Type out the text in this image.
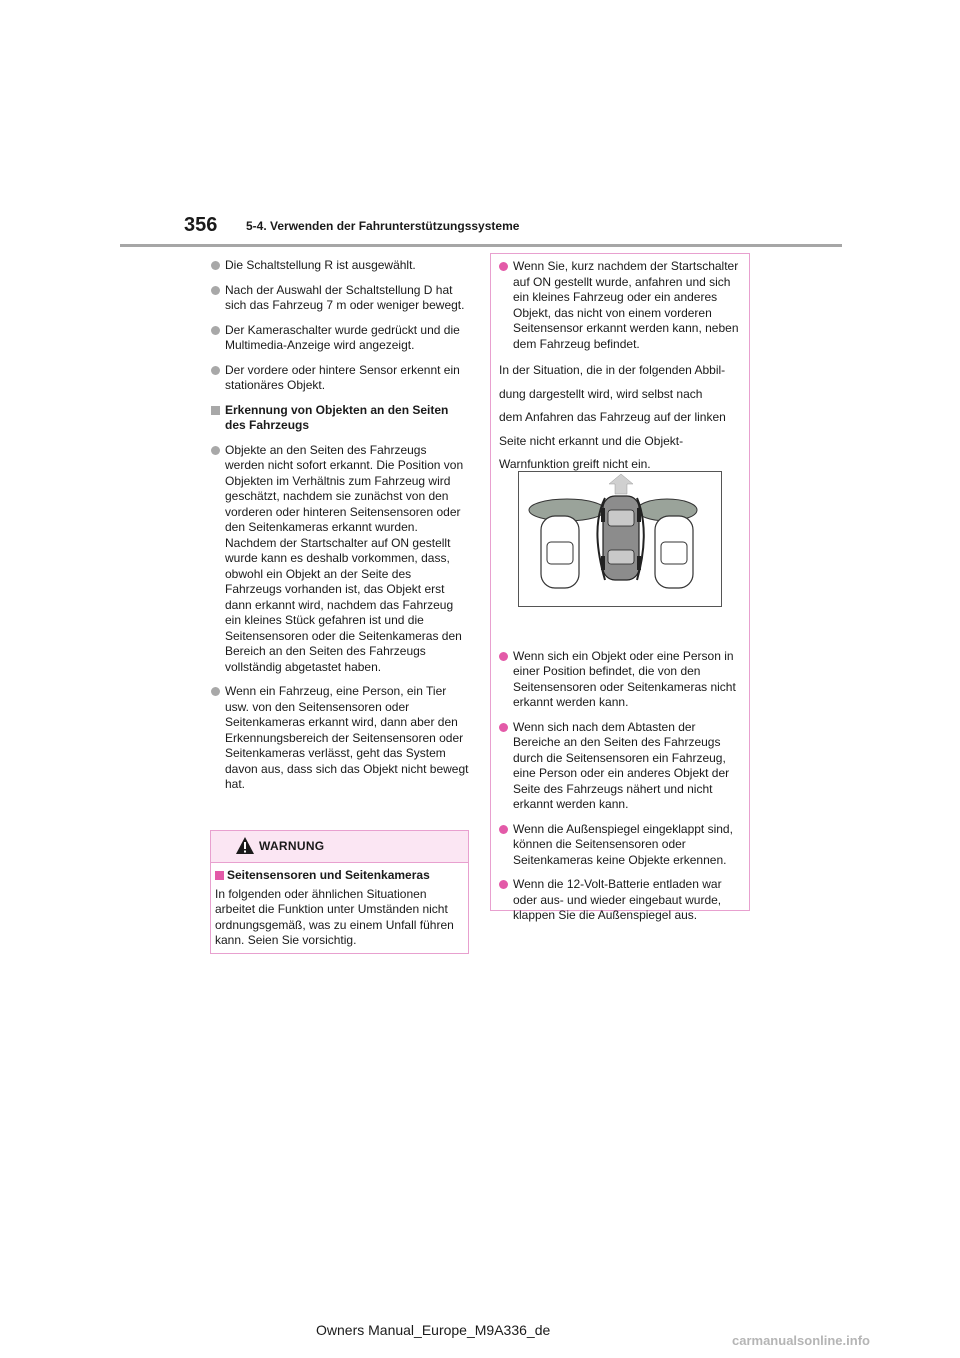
356 5-4. Verwenden der Fahrunterstützungssysteme
Die Schaltstellung R ist ausgewählt.
Nach der Auswahl der Schaltstellung D hat sich das Fahrzeug 7 m oder weniger bewegt.
Der Kameraschalter wurde gedrückt und die Multimedia-Anzeige wird angezeigt.
Der vordere oder hintere Sensor erkennt ein stationäres Objekt.
Erkennung von Objekten an den Seiten des Fahrzeugs
Objekte an den Seiten des Fahrzeugs werden nicht sofort erkannt. Die Position von Objekten im Verhältnis zum Fahrzeug wird geschätzt, nachdem sie zunächst von den vorderen oder hinteren Seitensensoren oder den Seitenkameras erkannt wurden. Nachdem der Startschalter auf ON gestellt wurde kann es deshalb vorkommen, dass, obwohl ein Objekt an der Seite des Fahrzeugs vorhanden ist, das Objekt erst dann erkannt wird, nachdem das Fahrzeug ein kleines Stück gefahren ist und die Seitensensoren oder die Seitenkameras den Bereich an den Seiten des Fahrzeugs vollständig abgetastet haben.
Wenn ein Fahrzeug, eine Person, ein Tier usw. von den Seitensensoren oder Seitenkameras erkannt wird, dann aber den Erkennungsbereich der Seitensensoren oder Seitenkameras verlässt, geht das System davon aus, dass sich das Objekt nicht bewegt hat.
WARNUNG
Seitensensoren und Seitenkameras
In folgenden oder ähnlichen Situationen arbeitet die Funktion unter Umständen nicht ordnungsgemäß, was zu einem Unfall führen kann. Seien Sie vorsichtig.
Wenn Sie, kurz nachdem der Startschalter auf ON gestellt wurde, anfahren und sich ein kleines Fahrzeug oder ein anderes Objekt, das nicht von einem vorderen Seitensensor erkannt werden kann, neben dem Fahrzeug befindet.
In der Situation, die in der folgenden Abbil-
dung dargestellt wird, wird selbst nach
dem Anfahren das Fahrzeug auf der linken
Seite nicht erkannt und die Objekt-
Warnfunktion greift nicht ein.
Wenn sich ein Objekt oder eine Person in einer Position befindet, die von den Seitensensoren oder Seitenkameras nicht erkannt werden kann.
Wenn sich nach dem Abtasten der Bereiche an den Seiten des Fahrzeugs durch die Seitensensoren ein Fahrzeug, eine Person oder ein anderes Objekt der Seite des Fahrzeugs nähert und nicht erkannt werden kann.
Wenn die Außenspiegel eingeklappt sind, können die Seitensensoren oder Seitenkameras keine Objekte erkennen.
Wenn die 12-Volt-Batterie entladen war oder aus- und wieder eingebaut wurde, klappen Sie die Außenspiegel aus.
Owners Manual_Europe_M9A336_de
carmanualsonline.info
